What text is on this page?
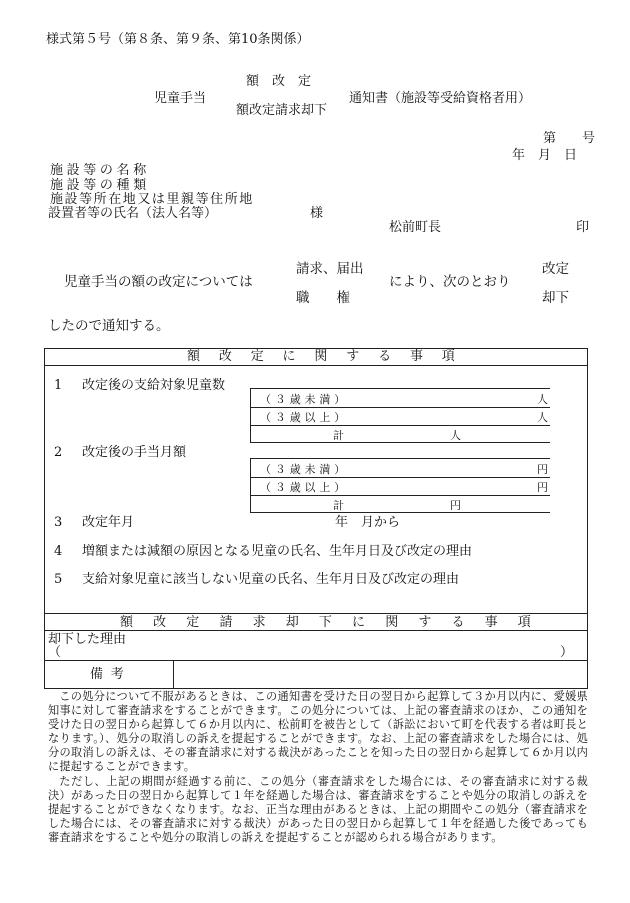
様式第５号（第８条、第９条、第10条関係）
児童手当
額　改　定
額改定請求却下
通知書（施設等受給資格者用）
第　　号
年　月　日
施設等の名称
施設等の種類
施設等所在地又は里親等住所地
設置者等の氏名（法人名等）	様
松前町長	印
児童手当の額の改定については
請求、届出
職　　権
により、次のとおり
改定
却下
したので通知する。
額改定に関する事項
1 改定後の支給対象児童数
（３歳未満）	人
（３歳以上）	人
計	人
2 改定後の手当月額
（３歳未満）	円
（３歳以上）	円
計	円
3 改定年月	年　月から
4 増額または減額の原因となる児童の氏名、生年月日及び改定の理由
5 支給対象児童に該当しない児童の氏名、生年月日及び改定の理由
額改定請求却下に関する事項
却下した理由
（	）
備考

この処分について不服があるときは、この通知書を受けた日の翌日から起算して３か月以内に、愛媛県知事に対して審査請求をすることができます。この処分については、上記の審査請求のほか、この通知を受けた日の翌日から起算して６か月以内に、松前町を被告として（訴訟において町を代表する者は町長となります。）、処分の取消しの訴えを提起することができます。なお、上記の審査請求をした場合には、処分の取消しの訴えは、その審査請求に対する裁決があったことを知った日の翌日から起算して６か月以内に提起することができます。

ただし、上記の期間が経過する前に、この処分（審査請求をした場合には、その審査請求に対する裁決）があった日の翌日から起算して１年を経過した場合は、審査請求をすることや処分の取消しの訴えを提起することができなくなります。なお、正当な理由があるときは、上記の期間やこの処分（審査請求をした場合には、その審査請求に対する裁決）があった日の翌日から起算して１年を経過した後であっても審査請求をすることや処分の取消しの訴えを提起することが認められる場合があります。
